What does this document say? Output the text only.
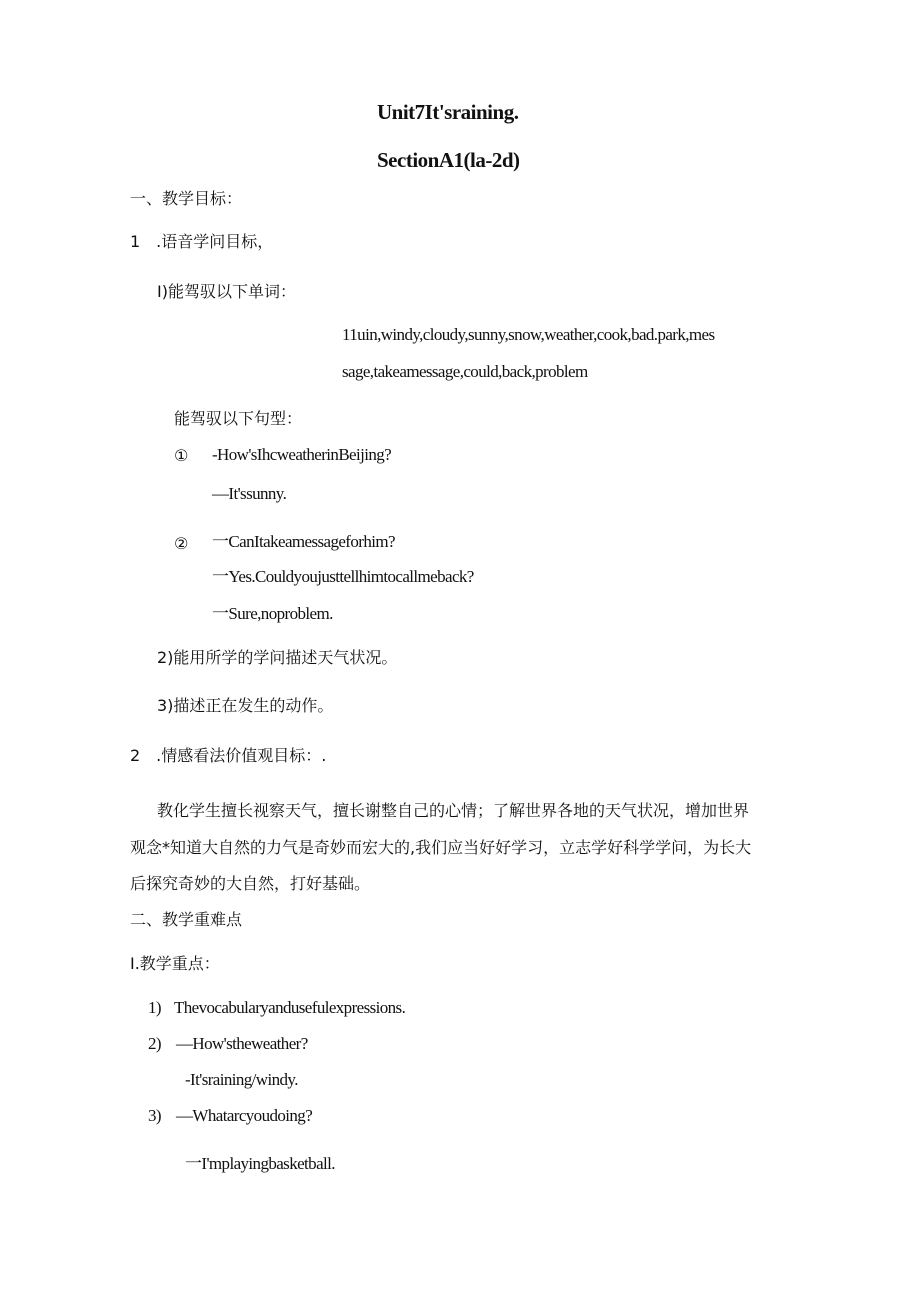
Unit7It'sraining.
SectionA1(la-2d)
一、教学目标：
1　.语音学问目标，
I)能驾驭以下单词：
11uin,windy,cloudy,sunny,snow,weather,cook,bad.park,mes
sage,takeamessage,could,back,problem
能驾驭以下句型：
① -How'sIhcweatherinBeijing?
—It'ssunny.
② 一CanItakeamessageforhim?
一Yes.Couldyoujusttellhimtocallmeback?
一Sure,noproblem.
2)能用所学的学问描述天气状况。
3)描述正在发生的动作。
2　.情感看法价值观目标：.
教化学生擅长视察天气，擅长谢整自己的心情；了解世界各地的天气状况，增加世界
观念*知道大自然的力气是奇妙而宏大的,我们应当好好学习，立志学好科学学问，为长大
后探究奇妙的大自然，打好基础。
二、教学重难点
I.教学重点：
1) Thevocabularyandusefulexpressions.
2) —How'stheweather?
-It'sraining/windy.
3) —Whatarcyoudoing?
一I'mplayingbasketball.
